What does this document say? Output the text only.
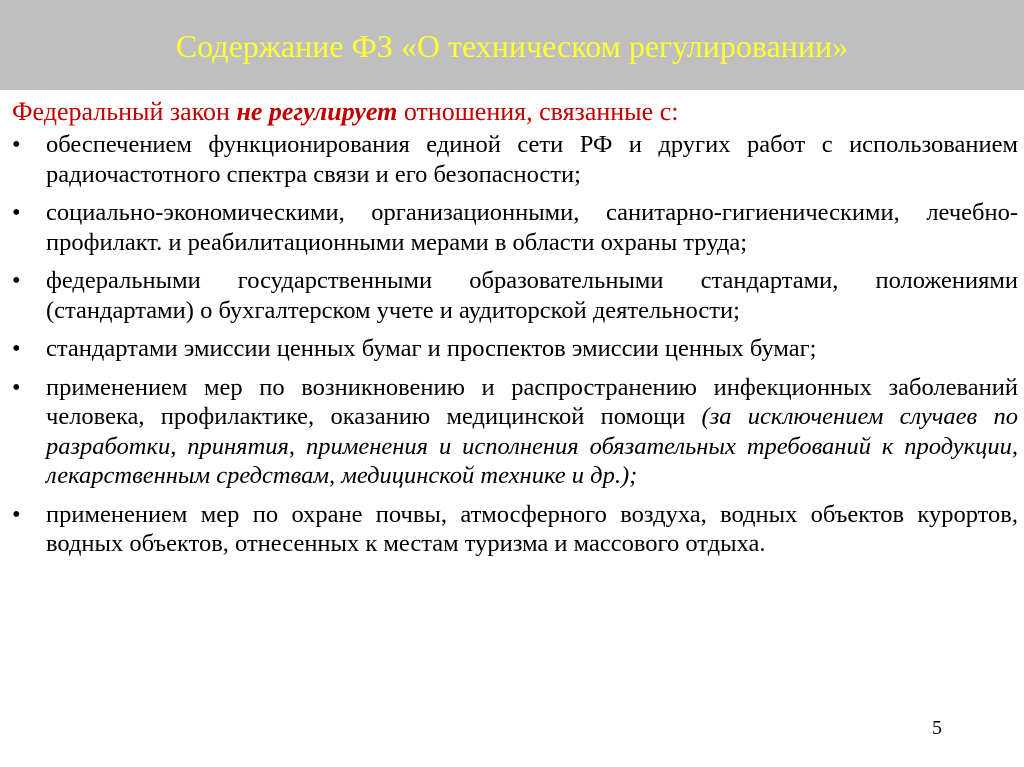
Содержание ФЗ «О техническом регулировании»
Федеральный закон не регулирует отношения, связанные с:
•	обеспечением функционирования единой сети РФ и других работ с использованием радиочастотного спектра связи и его безопасности;
•	социально-экономическими, организационными, санитарно-гигиеническими, лечебно-профилакт. и реабилитационными мерами в области охраны труда;
•	федеральными государственными образовательными стандартами, положениями (стандартами) о бухгалтерском учете и аудиторской деятельности;
•	стандартами эмиссии ценных бумаг и проспектов эмиссии ценных бумаг;
•	применением мер по возникновению и распространению инфекционных заболеваний человека, профилактике, оказанию медицинской помощи (за исключением случаев по разработки, принятия, применения и исполнения обязательных требований к продукции, лекарственным средствам, медицинской технике и др.);
•	применением мер по охране почвы, атмосферного воздуха, водных объектов курортов, водных объектов, отнесенных к местам туризма и массового отдыха.
5
